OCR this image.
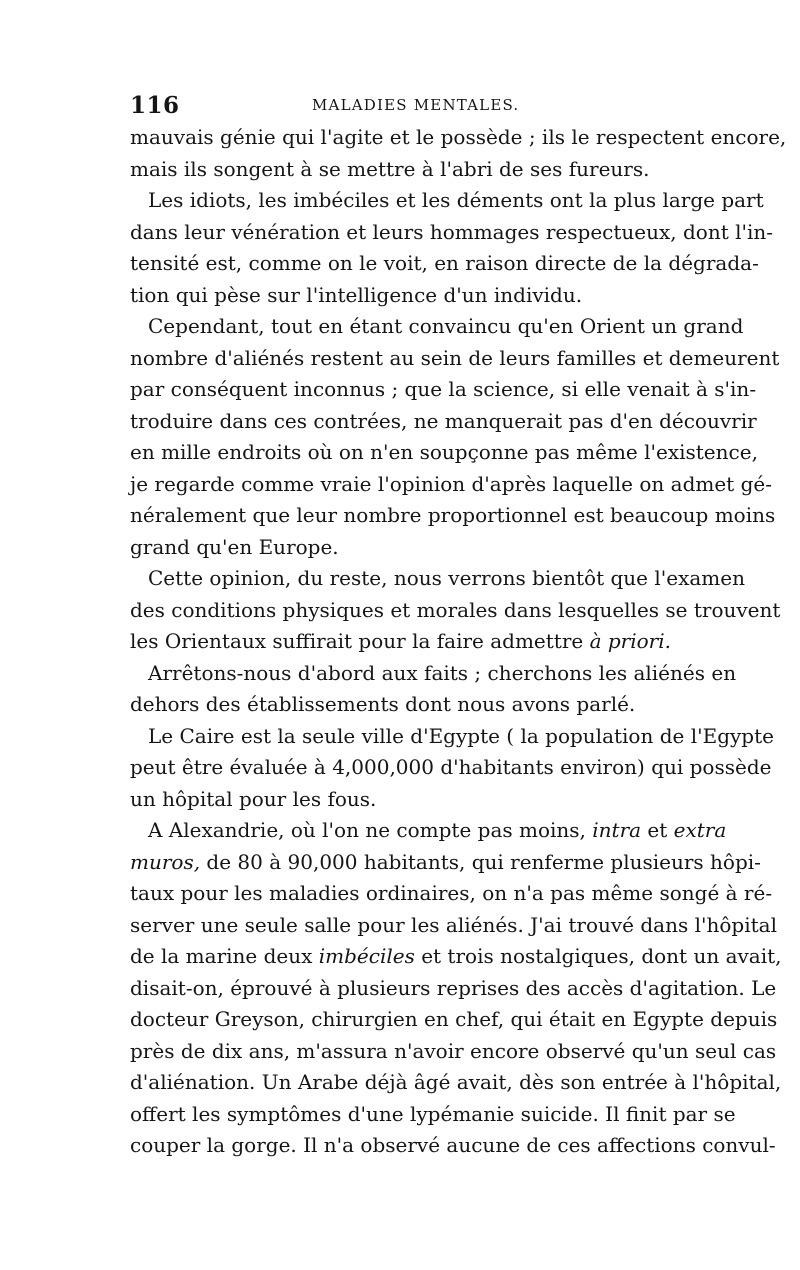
116	MALADIES MENTALES.
mauvais génie qui l'agite et le possède ; ils le respectent encore,
mais ils songent à se mettre à l'abri de ses fureurs.
Les idiots, les imbéciles et les déments ont la plus large part
dans leur vénération et leurs hommages respectueux, dont l'in-
tensité est, comme on le voit, en raison directe de la dégrada-
tion qui pèse sur l'intelligence d'un individu.
Cependant, tout en étant convaincu qu'en Orient un grand
nombre d'aliénés restent au sein de leurs familles et demeurent
par conséquent inconnus ; que la science, si elle venait à s'in-
troduire dans ces contrées, ne manquerait pas d'en découvrir
en mille endroits où on n'en soupçonne pas même l'existence,
je regarde comme vraie l'opinion d'après laquelle on admet gé-
néralement que leur nombre proportionnel est beaucoup moins
grand qu'en Europe.
Cette opinion, du reste, nous verrons bientôt que l'examen
des conditions physiques et morales dans lesquelles se trouvent
les Orientaux suffirait pour la faire admettre à priori.
Arrêtons-nous d'abord aux faits ; cherchons les aliénés en
dehors des établissements dont nous avons parlé.
Le Caire est la seule ville d'Egypte ( la population de l'Egypte
peut être évaluée à 4,000,000 d'habitants environ) qui possède
un hôpital pour les fous.
A Alexandrie, où l'on ne compte pas moins, intra et extra
muros, de 80 à 90,000 habitants, qui renferme plusieurs hôpi-
taux pour les maladies ordinaires, on n'a pas même songé à ré-
server une seule salle pour les aliénés. J'ai trouvé dans l'hôpital
de la marine deux imbéciles et trois nostalgiques, dont un avait,
disait-on, éprouvé à plusieurs reprises des accès d'agitation. Le
docteur Greyson, chirurgien en chef, qui était en Egypte depuis
près de dix ans, m'assura n'avoir encore observé qu'un seul cas
d'aliénation. Un Arabe déjà âgé avait, dès son entrée à l'hôpital,
offert les symptômes d'une lypémanie suicide. Il finit par se
couper la gorge. Il n'a observé aucune de ces affections convul-
